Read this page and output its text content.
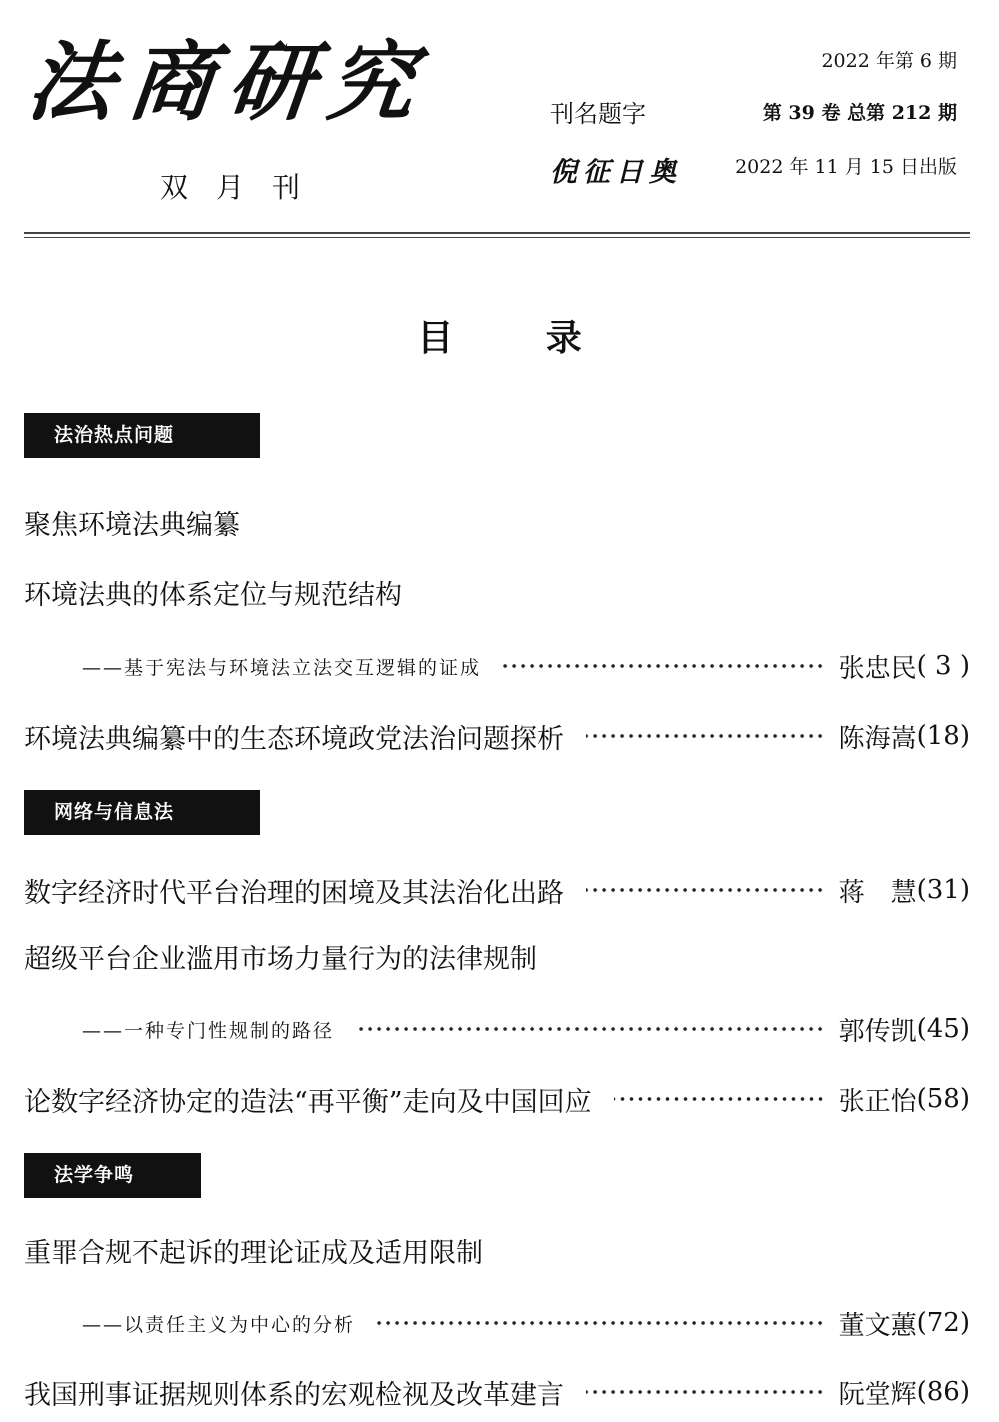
法商研究
双月刊
刊名题字
倪征日奥
2022 年第 6 期
第 39 卷 总第 212 期
2022 年 11 月 15 日出版
目 录
法治热点问题
聚焦环境法典编纂
环境法典的体系定位与规范结构
——基于宪法与环境法立法交互逻辑的证成	张忠民 ( 3 )
环境法典编纂中的生态环境政党法治问题探析	陈海嵩 (18)
网络与信息法
数字经济时代平台治理的困境及其法治化出路	蒋　慧 (31)
超级平台企业滥用市场力量行为的法律规制
——一种专门性规制的路径	郭传凯 (45)
论数字经济协定的造法“再平衡”走向及中国回应	张正怡 (58)
法学争鸣
重罪合规不起诉的理论证成及适用限制
——以责任主义为中心的分析	董文蕙 (72)
我国刑事证据规则体系的宏观检视及改革建言	阮堂辉 (86)
